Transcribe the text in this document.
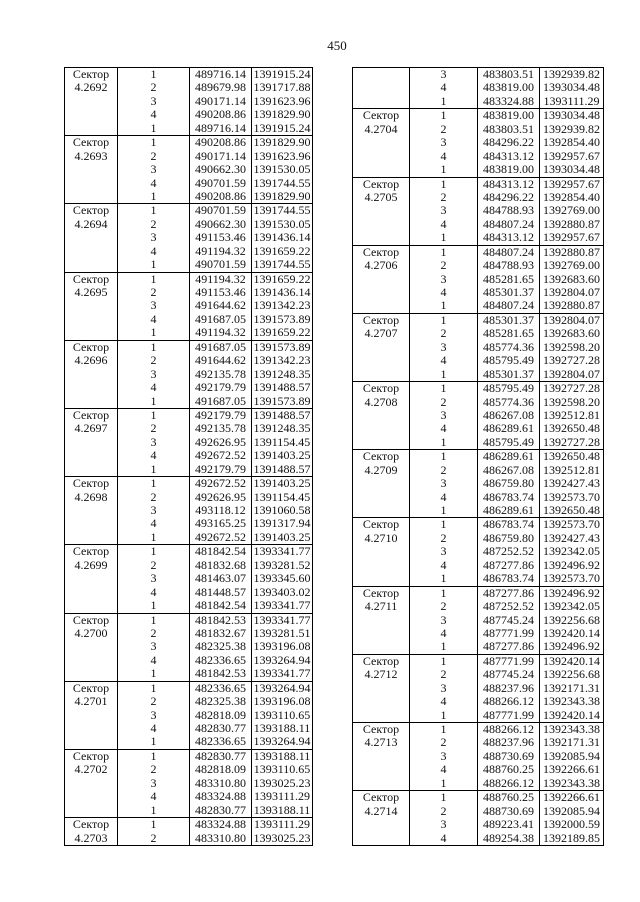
450
Сектор
4.2692
1	489716.14 1391915.24
2	489679.98 1391717.88
3	490171.14 1391623.96
4	490208.86 1391829.90
1	489716.14 1391915.24
Сектор
4.2693
1	490208.86 1391829.90
2	490171.14 1391623.96
3	490662.30 1391530.05
4	490701.59 1391744.55
1	490208.86 1391829.90
Сектор
4.2694
1	490701.59 1391744.55
2	490662.30 1391530.05
3	491153.46 1391436.14
4	491194.32 1391659.22
1	490701.59 1391744.55
Сектор
4.2695
1	491194.32 1391659.22
2	491153.46 1391436.14
3	491644.62 1391342.23
4	491687.05 1391573.89
1	491194.32 1391659.22
Сектор
4.2696
1	491687.05 1391573.89
2	491644.62 1391342.23
3	492135.78 1391248.35
4	492179.79 1391488.57
1	491687.05 1391573.89
Сектор
4.2697
1	492179.79 1391488.57
2	492135.78 1391248.35
3	492626.95 1391154.45
4	492672.52 1391403.25
1	492179.79 1391488.57
Сектор
4.2698
1	492672.52 1391403.25
2	492626.95 1391154.45
3	493118.12 1391060.58
4	493165.25 1391317.94
1	492672.52 1391403.25
Сектор
4.2699
1	481842.54 1393341.77
2	481832.68 1393281.52
3	481463.07 1393345.60
4	481448.57 1393403.02
1	481842.54 1393341.77
Сектор
4.2700
1	481842.53 1393341.77
2	481832.67 1393281.51
3	482325.38 1393196.08
4	482336.65 1393264.94
1	481842.53 1393341.77
Сектор
4.2701
1	482336.65 1393264.94
2	482325.38 1393196.08
3	482818.09 1393110.65
4	482830.77 1393188.11
1	482336.65 1393264.94
Сектор
4.2702
1	482830.77 1393188.11
2	482818.09 1393110.65
3	483310.80 1393025.23
4	483324.88 1393111.29
1	482830.77 1393188.11
Сектор
4.2703
1	483324.88 1393111.29
2	483310.80 1393025.23
3	483803.51 1392939.82
4	483819.00 1393034.48
1	483324.88 1393111.29
Сектор
4.2704
1	483819.00 1393034.48
2	483803.51 1392939.82
3	484296.22 1392854.40
4	484313.12 1392957.67
1	483819.00 1393034.48
Сектор
4.2705
1	484313.12 1392957.67
2	484296.22 1392854.40
3	484788.93 1392769.00
4	484807.24 1392880.87
1	484313.12 1392957.67
Сектор
4.2706
1	484807.24 1392880.87
2	484788.93 1392769.00
3	485281.65 1392683.60
4	485301.37 1392804.07
1	484807.24 1392880.87
Сектор
4.2707
1	485301.37 1392804.07
2	485281.65 1392683.60
3	485774.36 1392598.20
4	485795.49 1392727.28
1	485301.37 1392804.07
Сектор
4.2708
1	485795.49 1392727.28
2	485774.36 1392598.20
3	486267.08 1392512.81
4	486289.61 1392650.48
1	485795.49 1392727.28
Сектор
4.2709
1	486289.61 1392650.48
2	486267.08 1392512.81
3	486759.80 1392427.43
4	486783.74 1392573.70
1	486289.61 1392650.48
Сектор
4.2710
1	486783.74 1392573.70
2	486759.80 1392427.43
3	487252.52 1392342.05
4	487277.86 1392496.92
1	486783.74 1392573.70
Сектор
4.2711
1	487277.86 1392496.92
2	487252.52 1392342.05
3	487745.24 1392256.68
4	487771.99 1392420.14
1	487277.86 1392496.92
Сектор
4.2712
1	487771.99 1392420.14
2	487745.24 1392256.68
3	488237.96 1392171.31
4	488266.12 1392343.38
1	487771.99 1392420.14
Сектор
4.2713
1	488266.12 1392343.38
2	488237.96 1392171.31
3	488730.69 1392085.94
4	488760.25 1392266.61
1	488266.12 1392343.38
Сектор
4.2714
1	488760.25 1392266.61
2	488730.69 1392085.94
3	489223.41 1392000.59
4	489254.38 1392189.85
